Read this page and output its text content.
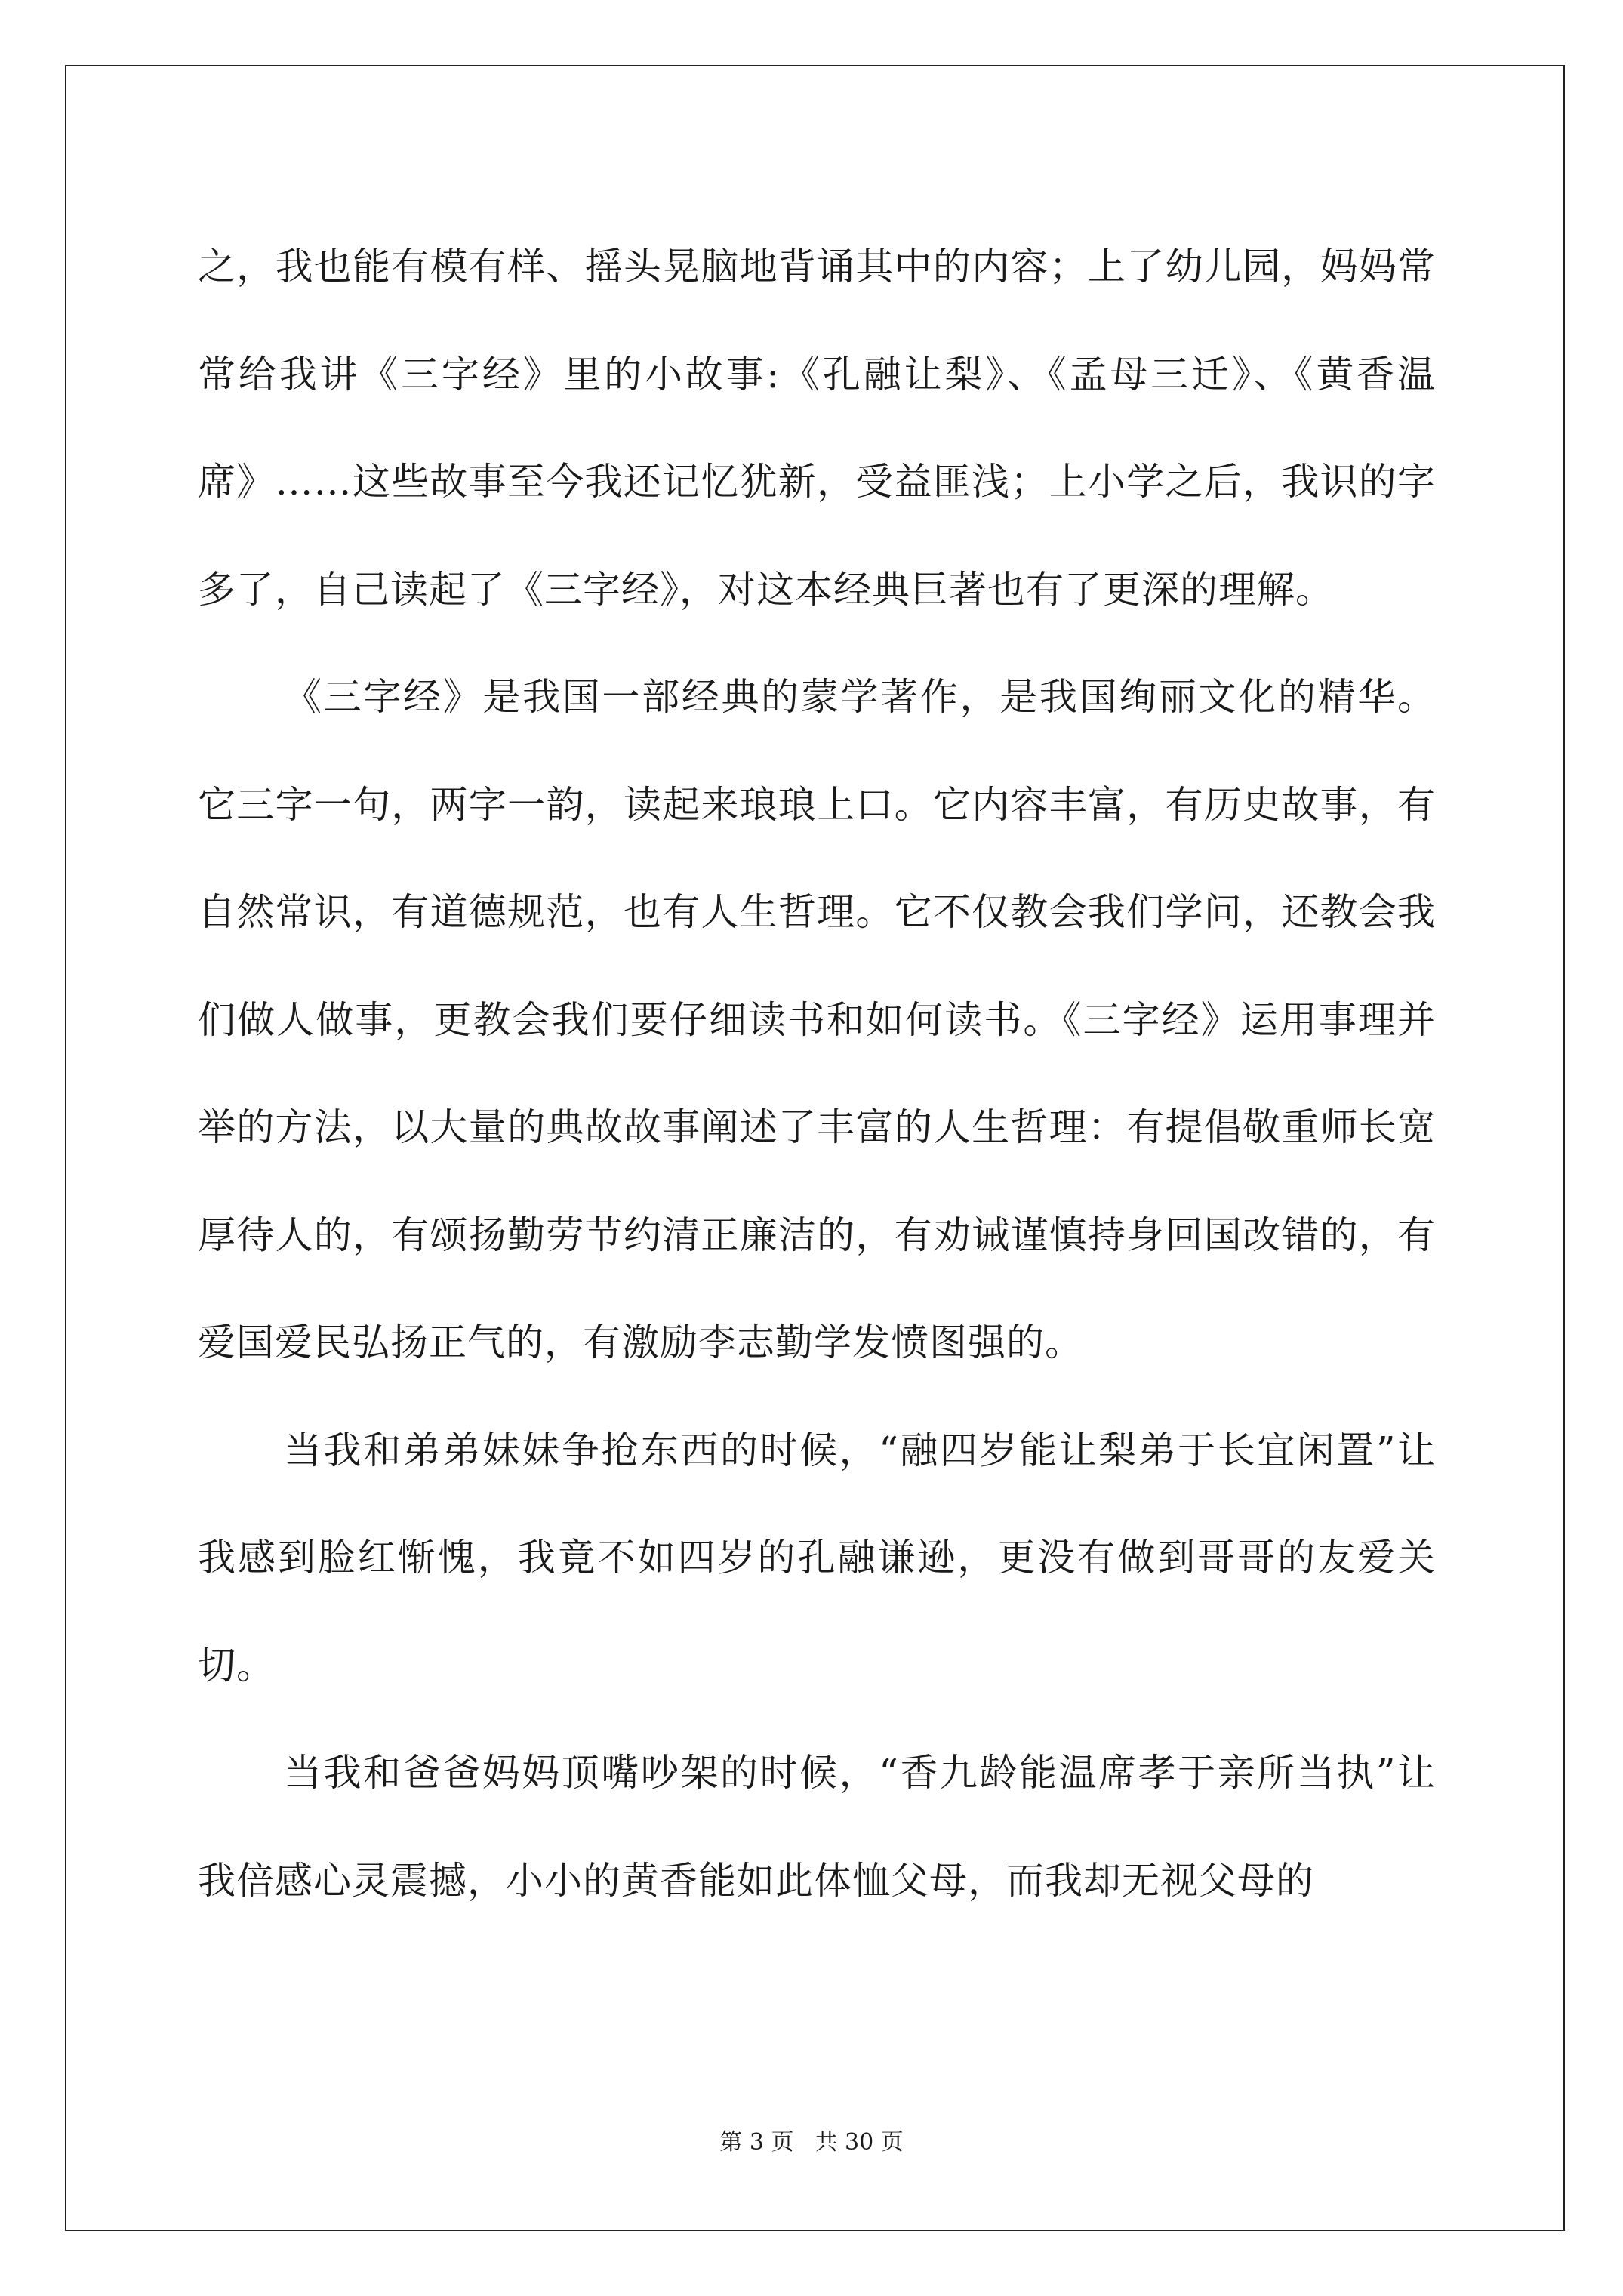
之，我也能有模有样、摇头晃脑地背诵其中的内容；上了幼儿园，妈妈常常给我讲《三字经》里的小故事:《孔融让梨》、《孟母三迁》、《黄香温席》……这些故事至今我还记忆犹新，受益匪浅；上小学之后，我识的字多了，自己读起了《三字经》，对这本经典巨著也有了更深的理解。

《三字经》是我国一部经典的蒙学著作，是我国绚丽文化的精华。它三字一句，两字一韵，读起来琅琅上口。它内容丰富，有历史故事，有自然常识，有道德规范，也有人生哲理。它不仅教会我们学问，还教会我们做人做事，更教会我们要仔细读书和如何读书。《三字经》运用事理并举的方法，以大量的典故故事阐述了丰富的人生哲理：有提倡敬重师长宽厚待人的，有颂扬勤劳节约清正廉洁的，有劝诫谨慎持身回国改错的，有爱国爱民弘扬正气的，有激励李志勤学发愤图强的。

当我和弟弟妹妹争抢东西的时候，“融四岁能让梨弟于长宜闲置”让我感到脸红惭愧，我竟不如四岁的孔融谦逊，更没有做到哥哥的友爱关切。

当我和爸爸妈妈顶嘴吵架的时候，“香九龄能温席孝于亲所当执”让我倍感心灵震撼，小小的黄香能如此体恤父母，而我却无视父母的

第 3 页 共 30 页
